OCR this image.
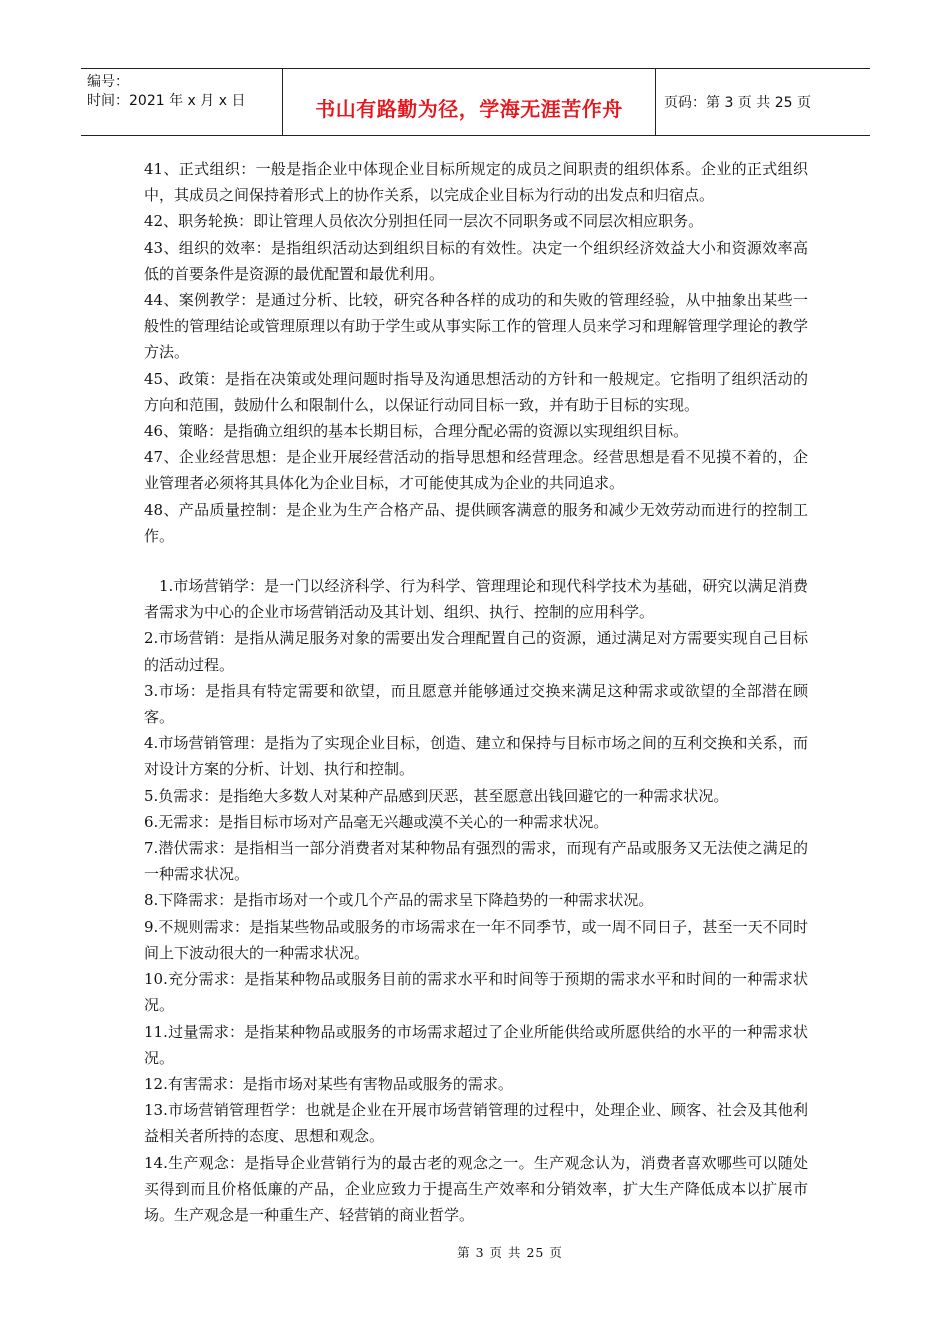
编号：
时间：2021 年 x 月 x 日	书山有路勤为径，学海无涯苦作舟	页码：第 3 页 共 25 页

41、正式组织：一般是指企业中体现企业目标所规定的成员之间职责的组织体系。企业的正式组织中，其成员之间保持着形式上的协作关系，以完成企业目标为行动的出发点和归宿点。

42、职务轮换：即让管理人员依次分别担任同一层次不同职务或不同层次相应职务。

43、组织的效率：是指组织活动达到组织目标的有效性。决定一个组织经济效益大小和资源效率高低的首要条件是资源的最优配置和最优利用。

44、案例教学：是通过分析、比较，研究各种各样的成功的和失败的管理经验，从中抽象出某些一般性的管理结论或管理原理以有助于学生或从事实际工作的管理人员来学习和理解管理学理论的教学方法。

45、政策：是指在决策或处理问题时指导及沟通思想活动的方针和一般规定。它指明了组织活动的方向和范围，鼓励什么和限制什么，以保证行动同目标一致，并有助于目标的实现。

46、策略：是指确立组织的基本长期目标，合理分配必需的资源以实现组织目标。

47、企业经营思想：是企业开展经营活动的指导思想和经营理念。经营思想是看不见摸不着的，企业管理者必须将其具体化为企业目标，才可能使其成为企业的共同追求。

48、产品质量控制：是企业为生产合格产品、提供顾客满意的服务和减少无效劳动而进行的控制工作。

1.市场营销学：是一门以经济科学、行为科学、管理理论和现代科学技术为基础，研究以满足消费者需求为中心的企业市场营销活动及其计划、组织、执行、控制的应用科学。

2.市场营销：是指从满足服务对象的需要出发合理配置自己的资源，通过满足对方需要实现自己目标的活动过程。

3.市场：是指具有特定需要和欲望，而且愿意并能够通过交换来满足这种需求或欲望的全部潜在顾客。

4.市场营销管理：是指为了实现企业目标，创造、建立和保持与目标市场之间的互利交换和关系，而对设计方案的分析、计划、执行和控制。

5.负需求：是指绝大多数人对某种产品感到厌恶，甚至愿意出钱回避它的一种需求状况。

6.无需求：是指目标市场对产品毫无兴趣或漠不关心的一种需求状况。

7.潜伏需求：是指相当一部分消费者对某种物品有强烈的需求，而现有产品或服务又无法使之满足的一种需求状况。

8.下降需求：是指市场对一个或几个产品的需求呈下降趋势的一种需求状况。

9.不规则需求：是指某些物品或服务的市场需求在一年不同季节，或一周不同日子，甚至一天不同时间上下波动很大的一种需求状况。

10.充分需求：是指某种物品或服务目前的需求水平和时间等于预期的需求水平和时间的一种需求状况。

11.过量需求：是指某种物品或服务的市场需求超过了企业所能供给或所愿供给的水平的一种需求状况。

12.有害需求：是指市场对某些有害物品或服务的需求。

13.市场营销管理哲学：也就是企业在开展市场营销管理的过程中，处理企业、顾客、社会及其他利益相关者所持的态度、思想和观念。

14.生产观念：是指导企业营销行为的最古老的观念之一。生产观念认为，消费者喜欢哪些可以随处买得到而且价格低廉的产品，企业应致力于提高生产效率和分销效率，扩大生产降低成本以扩展市场。生产观念是一种重生产、轻营销的商业哲学。

第 3 页 共 25 页
